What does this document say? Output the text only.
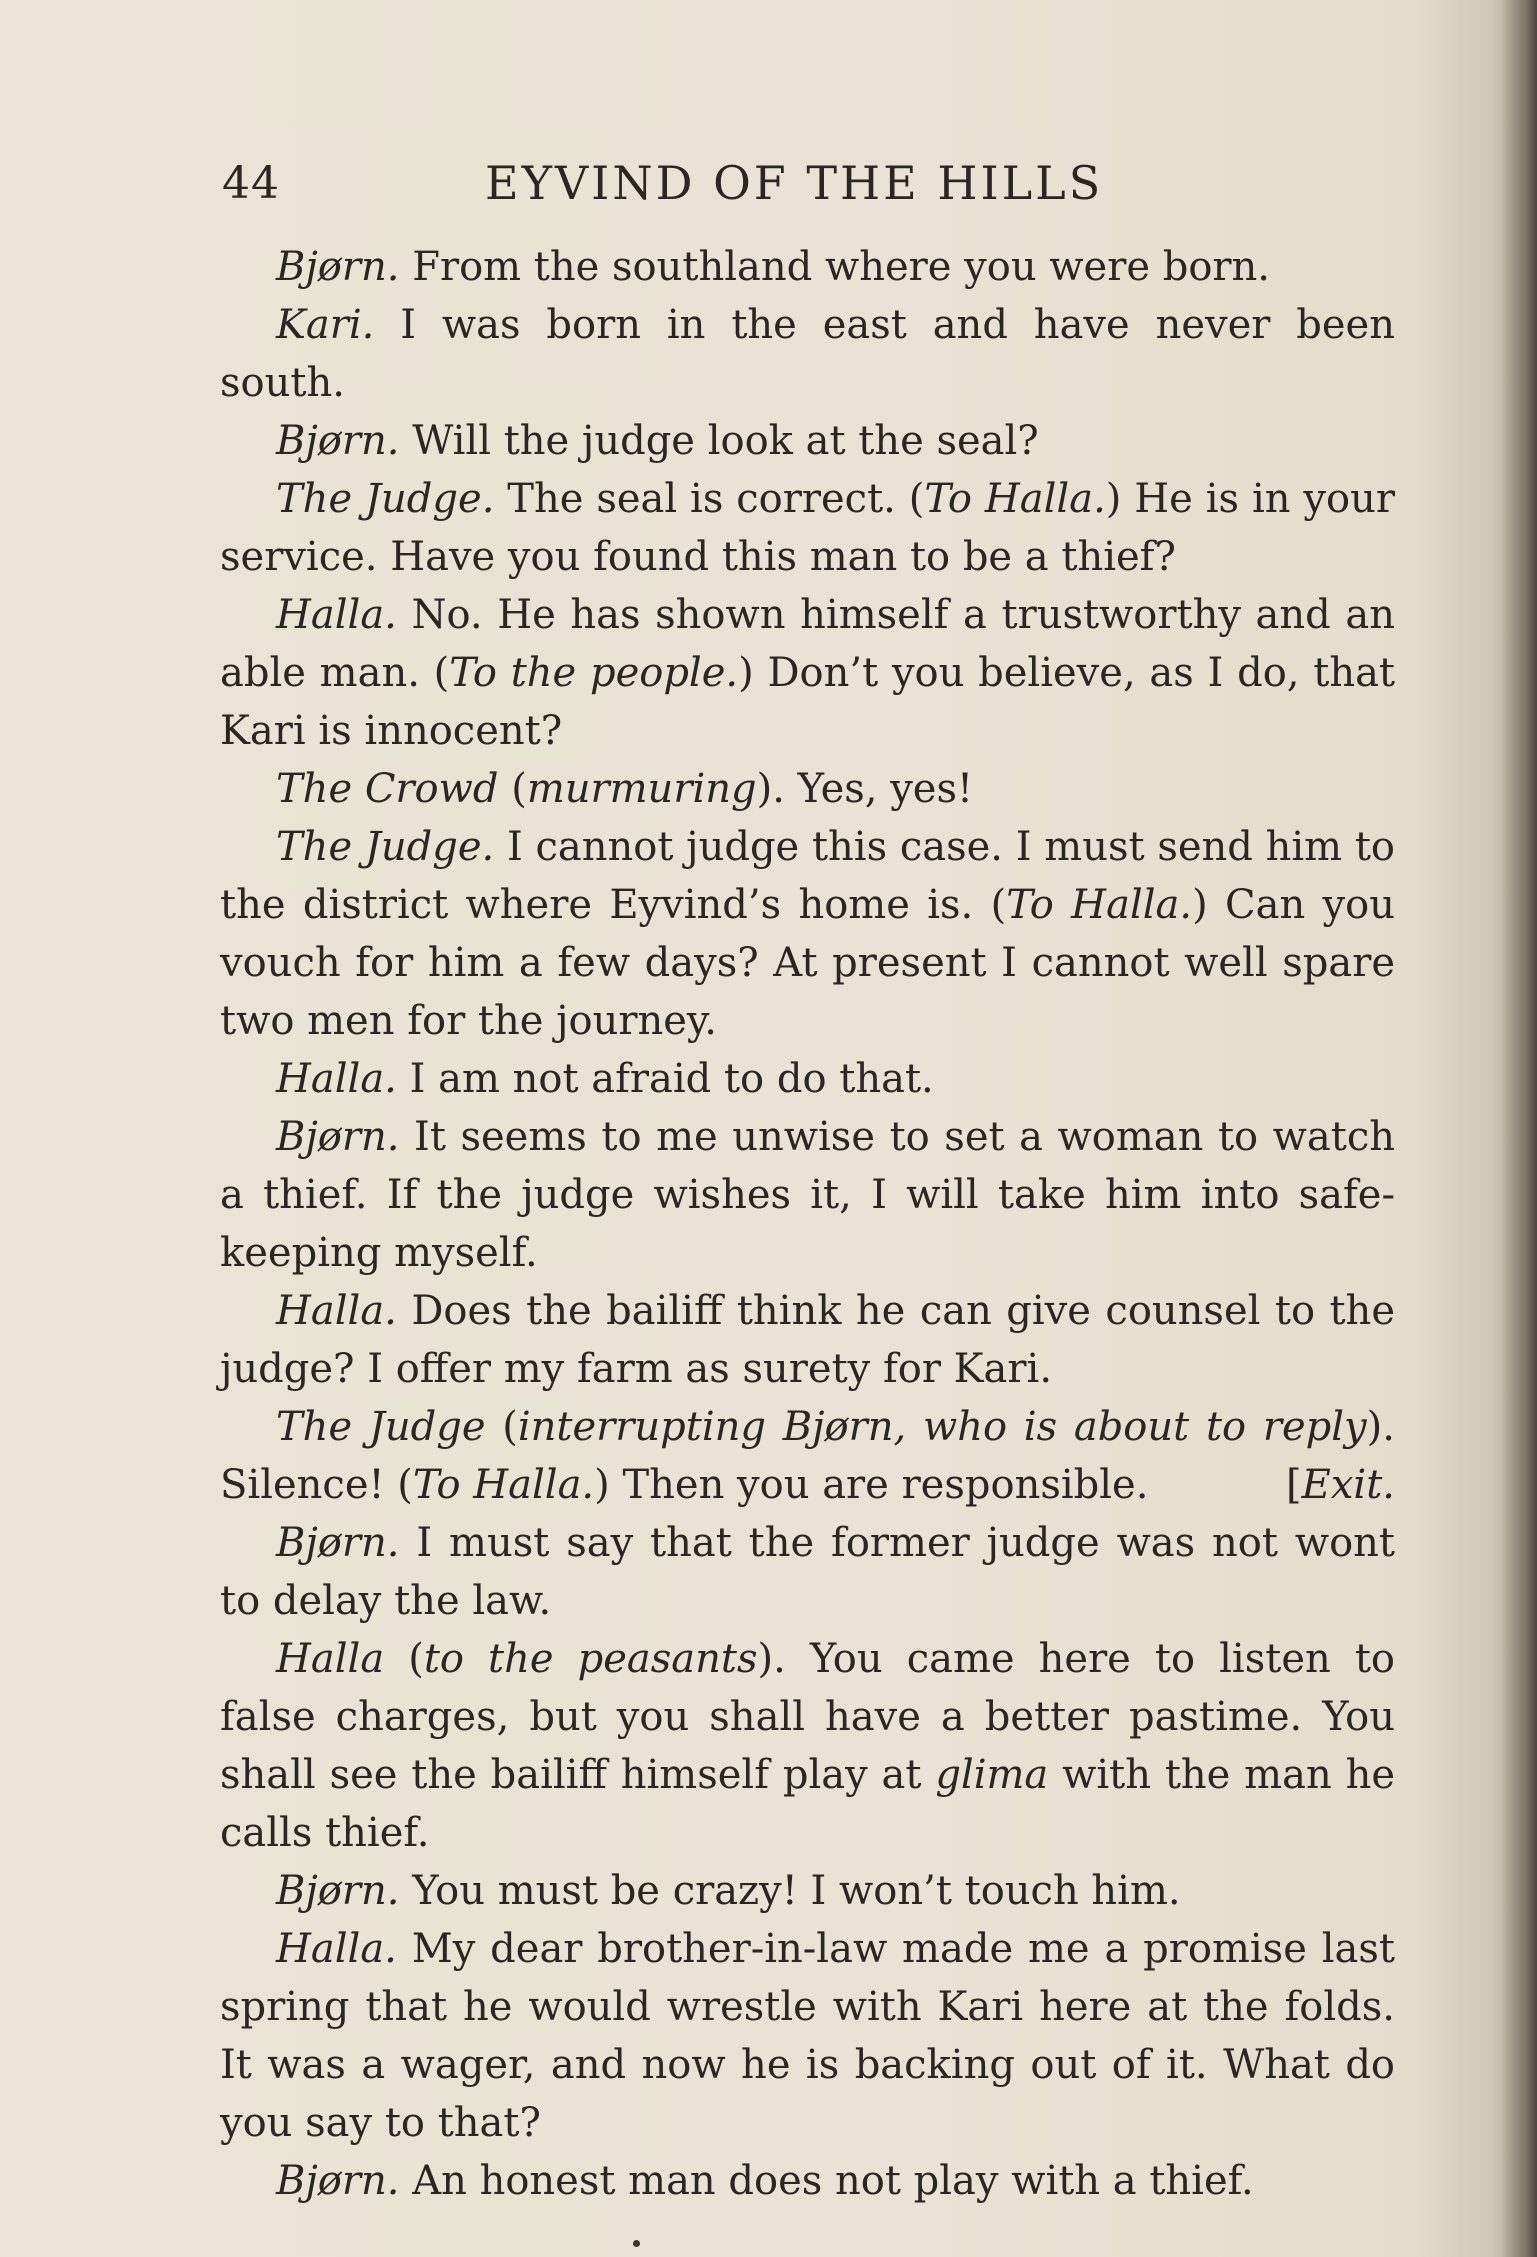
44	EYVIND OF THE HILLS

Bjørn. From the southland where you were born.

Kari. I was born in the east and have never been south.

Bjørn. Will the judge look at the seal?

The Judge. The seal is correct. (To Halla.) He is in your service. Have you found this man to be a thief?

Halla. No. He has shown himself a trustworthy and an able man. (To the people.) Don’t you believe, as I do, that Kari is innocent?

The Crowd (murmuring). Yes, yes!

The Judge. I cannot judge this case. I must send him to the district where Eyvind’s home is. (To Halla.) Can you vouch for him a few days? At present I cannot well spare two men for the journey.

Halla. I am not afraid to do that.

Bjørn. It seems to me unwise to set a woman to watch a thief. If the judge wishes it, I will take him into safe-keeping myself.

Halla. Does the bailiff think he can give counsel to the judge? I offer my farm as surety for Kari.

The Judge (interrupting Bjørn, who is about to reply). Silence! (To Halla.) Then you are responsible.	[Exit.

Bjørn. I must say that the former judge was not wont to delay the law.

Halla (to the peasants). You came here to listen to false charges, but you shall have a better pastime. You shall see the bailiff himself play at glima with the man he calls thief.

Bjørn. You must be crazy! I won’t touch him.

Halla. My dear brother-in-law made me a promise last spring that he would wrestle with Kari here at the folds. It was a wager, and now he is backing out of it. What do you say to that?

Bjørn. An honest man does not play with a thief.
